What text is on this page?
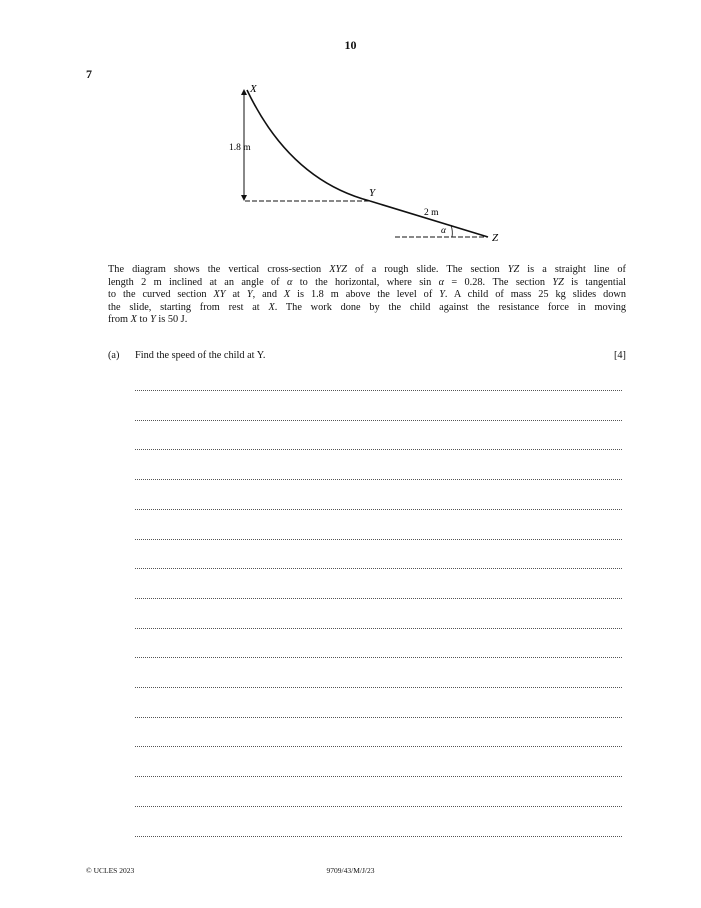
10
7
X
1.8 m
Y
2 m
α
Z
The diagram shows the vertical cross-section XYZ of a rough slide. The section YZ is a straight line of
length 2 m inclined at an angle of α to the horizontal, where sin α = 0.28. The section YZ is tangential
to the curved section XY at Y, and X is 1.8 m above the level of Y. A child of mass 25 kg slides down
the slide, starting from rest at X. The work done by the child against the resistance force in moving
from X to Y is 50 J.
(a) Find the speed of the child at Y.	[4]
© UCLES 2023	9709/43/M/J/23
